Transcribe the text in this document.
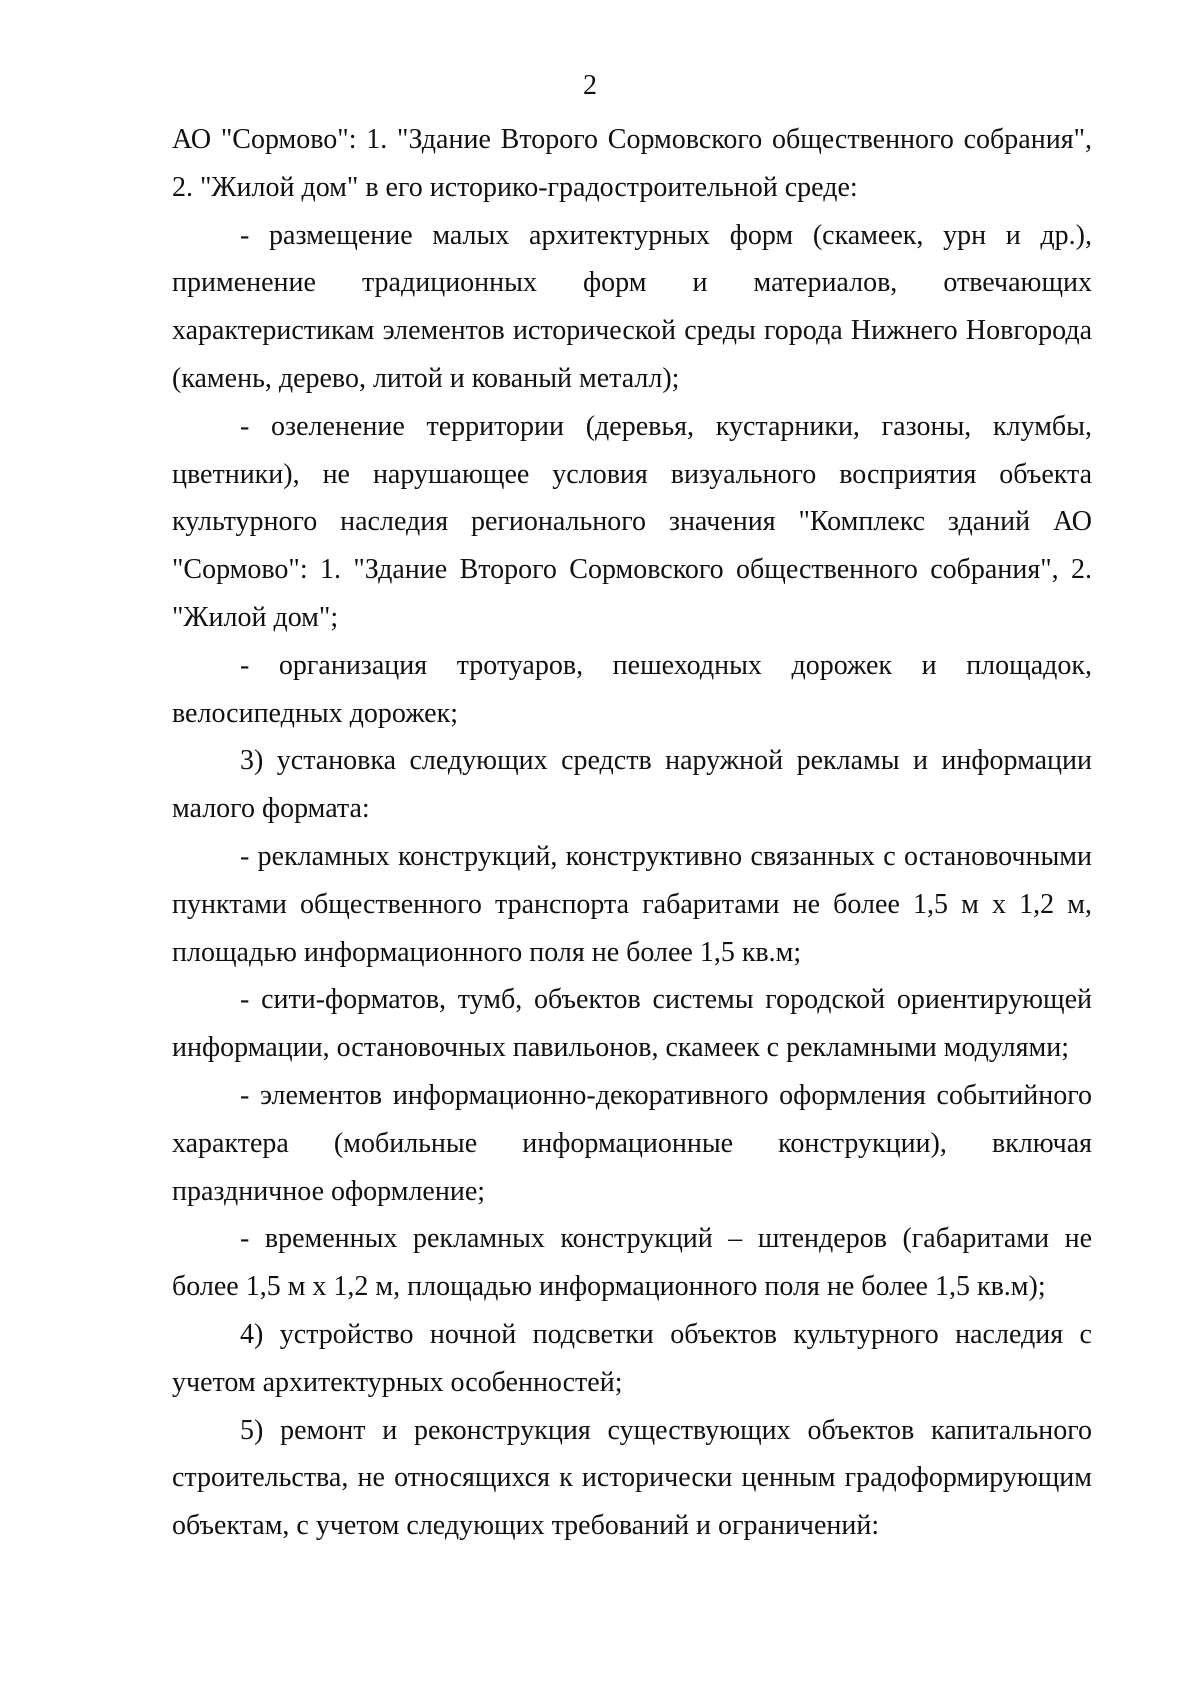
2

АО "Сормово": 1. "Здание Второго Сормовского общественного собрания", 2. "Жилой дом" в его историко-градостроительной среде:

- размещение малых архитектурных форм (скамеек, урн и др.), применение традиционных форм и материалов, отвечающих характеристикам элементов исторической среды города Нижнего Новгорода (камень, дерево, литой и кованый металл);

- озеленение территории (деревья, кустарники, газоны, клумбы, цветники), не нарушающее условия визуального восприятия объекта культурного наследия регионального значения "Комплекс зданий АО "Сормово": 1. "Здание Второго Сормовского общественного собрания", 2. "Жилой дом";

- организация тротуаров, пешеходных дорожек и площадок, велосипедных дорожек;

3) установка следующих средств наружной рекламы и информации малого формата:

- рекламных конструкций, конструктивно связанных с остановочными пунктами общественного транспорта габаритами не более 1,5 м х 1,2 м, площадью информационного поля не более 1,5 кв.м;

- сити-форматов, тумб, объектов системы городской ориентирующей информации, остановочных павильонов, скамеек с рекламными модулями;

- элементов информационно-декоративного оформления событийного характера (мобильные информационные конструкции), включая праздничное оформление;

- временных рекламных конструкций – штендеров (габаритами не более 1,5 м х 1,2 м, площадью информационного поля не более 1,5 кв.м);

4) устройство ночной подсветки объектов культурного наследия с учетом архитектурных особенностей;

5) ремонт и реконструкция существующих объектов капитального строительства, не относящихся к исторически ценным градоформирующим объектам, с учетом следующих требований и ограничений:
